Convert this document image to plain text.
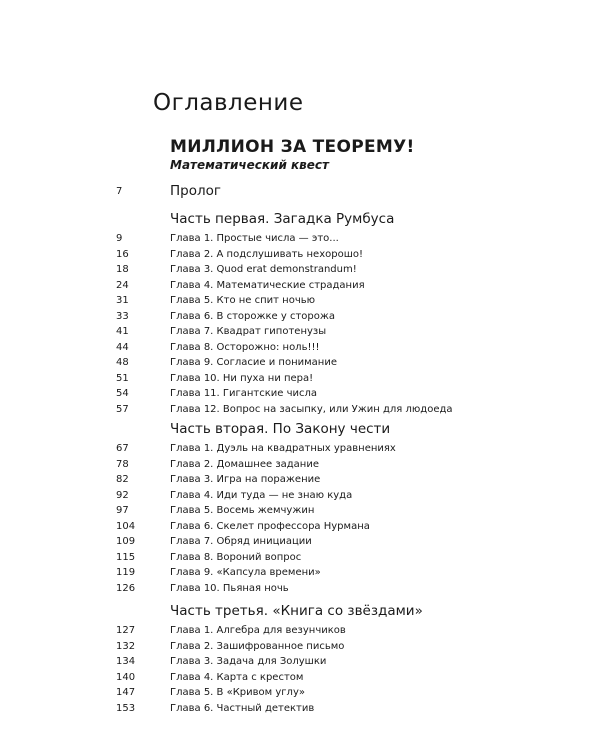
Оглавление
МИЛЛИОН ЗА ТЕОРЕМУ!
Математический квест
7	Пролог
Часть первая. Загадка Румбуса
9	Глава 1. Простые числа — это...
16	Глава 2. А подслушивать нехорошо!
18	Глава 3. Quod erat demonstrandum!
24	Глава 4. Математические страдания
31	Глава 5. Кто не спит ночью
33	Глава 6. В сторожке у сторожа
41	Глава 7. Квадрат гипотенузы
44	Глава 8. Осторожно: ноль!!!
48	Глава 9. Согласие и понимание
51	Глава 10. Ни пуха ни пера!
54	Глава 11. Гигантские числа
57	Глава 12. Вопрос на засыпку, или Ужин для людоеда
Часть вторая. По Закону чести
67	Глава 1. Дуэль на квадратных уравнениях
78	Глава 2. Домашнее задание
82	Глава 3. Игра на поражение
92	Глава 4. Иди туда — не знаю куда
97	Глава 5. Восемь жемчужин
104	Глава 6. Скелет профессора Нурмана
109	Глава 7. Обряд инициации
115	Глава 8. Вороний вопрос
119	Глава 9. «Капсула времени»
126	Глава 10. Пьяная ночь
Часть третья. «Книга со звёздами»
127	Глава 1. Алгебра для везунчиков
132	Глава 2. Зашифрованное письмо
134	Глава 3. Задача для Золушки
140	Глава 4. Карта с крестом
147	Глава 5. В «Кривом углу»
153	Глава 6. Частный детектив
